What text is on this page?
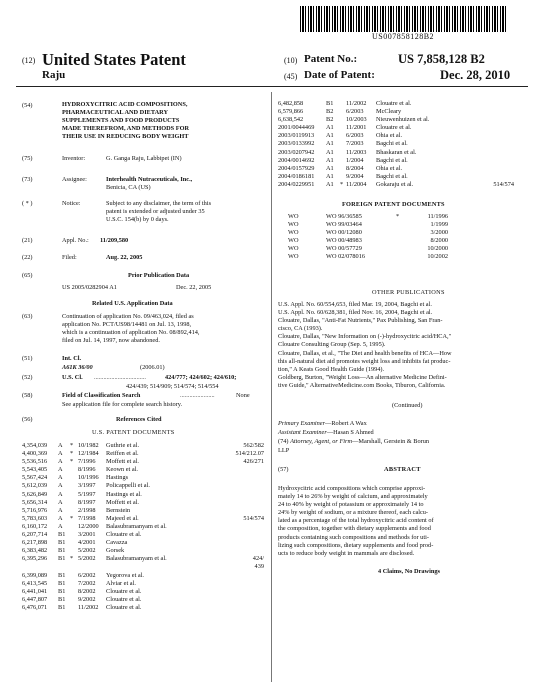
US007858128B2
(12) United States Patent
Raju
(10) Patent No.:	US 7,858,128 B2
(45) Date of Patent:	Dec. 28, 2010
(54)	HYDROXYCITRIC ACID COMPOSITIONS,
PHARMACEUTICAL AND DIETARY
SUPPLEMENTS AND FOOD PRODUCTS
MADE THEREFROM, AND METHODS FOR
THEIR USE IN REDUCING BODY WEIGHT
(75)	Inventor:	G. Ganga Raju, Labbipet (IN)
(73)	Assignee:	Interhealth Nutraceuticals, Inc.,
Benicia, CA (US)
( * )	Notice:	Subject to any disclaimer, the term of this
patent is extended or adjusted under 35
U.S.C. 154(b) by 0 days.
(21)	Appl. No.: 11/209,580
(22)	Filed:	Aug. 22, 2005
(65)	Prior Publication Data
US 2005/0282904 A1	Dec. 22, 2005
Related U.S. Application Data
(63)	Continuation of application No. 09/463,024, filed as
application No. PCT/US98/14481 on Jul. 13, 1998,
which is a continuation of application No. 08/892,414,
filed on Jul. 14, 1997, now abandoned.
(51)	Int. Cl.
A61K 36/00	(2006.01)
(52)	U.S. Cl. .................................	424/777; 424/602; 424/610;
424/439; 514/909; 514/574; 514/554
(58)	Field of Classification Search	......................	None
See application file for complete search history.
(56)	References Cited
U.S. PATENT DOCUMENTS
4,354,039	A	* 10/1982	Guthrie et al.	562/582
4,400,369	A	* 12/1984	Reiffen et al.	514/212.07
5,536,516	A	* 7/1996	Moffett et al.	426/271
5,543,405	A	8/1996	Keown et al.
5,567,424	A	10/1996	Hastings
5,612,039	A	3/1997	Policappelli et al.
5,626,849	A	5/1997	Hastings et al.
5,656,314	A	8/1997	Moffett et al.
5,716,976	A	2/1998	Bernstein
5,783,603	A	* 7/1998	Majeed et al.	514/574
6,160,172	A	12/2000	Balasubramanyam et al.
6,207,714	B1	3/2001	Clouatre et al.
6,217,898	B1	4/2001	Cavazza
6,383,482	B1	5/2002	Gorsek
6,395,296	B1 * 5/2002	Balasubramanyam et al.	424/
439
6,399,089	B1	6/2002	Yegorova et al.
6,413,545	B1	7/2002	Alviar et al.
6,441,041	B1	8/2002	Clouatre et al.
6,447,807	B1	9/2002	Clouatre et al.
6,476,071	B1	11/2002	Clouatre et al.
6,482,858	B1	11/2002	Clouatre et al.
6,579,866	B2	6/2003	McCleary
6,638,542	B2	10/2003	Nieuwenhuizen et al.
2001/0044469	A1	11/2001	Clouatre et al.
2003/0119913	A1	6/2003	Ohia et al.
2003/0133992	A1	7/2003	Bagchi et al.
2003/0207942	A1	11/2003	Bhaskaran et al.
2004/0014692	A1	1/2004	Bagchi et al.
2004/0157929	A1	8/2004	Ohia et al.
2004/0186181	A1	9/2004	Bagchi et al.
2004/0229951	A1 * 11/2004	Gokaraju et al.	514/574
FOREIGN PATENT DOCUMENTS
WO	WO 96/36585	*	11/1996
WO	WO 99/03464	1/1999
WO	WO 00/12080	3/2000
WO	WO 00/48983	8/2000
WO	WO 00/57729	10/2000
WO	WO 02/078016	10/2002
OTHER PUBLICATIONS
U.S. Appl. No. 60/554,653, filed Mar. 19, 2004, Bagchi et al.
U.S. Appl. No. 60/628,381, filed Nov. 16, 2004, Bagchi et al.
Clouatre, Dallas, "Anti-Fat Nutrients," Pax Publishing, San Fran-
cisco, CA (1993).
Clouatre, Dallas, "New Information on (-)-hydroxycitric acid/HCA,"
Clouatre Consulting Group (Sep. 5, 1995).
Clouatre, Dallas, et al., "The Diet and health benefits of HCA—How
this all-natural diet aid promotes weight loss and inhibits fat produc-
tion," A Keats Good Health Guide (1994).
Goldberg, Burton, "Weight Loss—An alternative Medicine Defini-
tive Guide," AlternativeMedicine.com Books, Tiburon, California.
(Continued)
Primary Examiner—Robert A Wax
Assistant Examiner—Hasan S Ahmed
(74) Attorney, Agent, or Firm—Marshall, Gerstein & Borun
LLP
(57)	ABSTRACT
Hydroxycitric acid compositions which comprise approxi-
mately 14 to 26% by weight of calcium, and approximately
24 to 40% by weight of potassium or approximately 14 to
24% by weight of sodium, or a mixture thereof, each calcu-
lated as a percentage of the total hydroxycitric acid content of
the composition, together with dietary supplements and food
products containing such compositions and methods for uti-
lizing such compositions, dietary supplements and food prod-
ucts to reduce body weight in mammals are disclosed.
4 Claims, No Drawings
